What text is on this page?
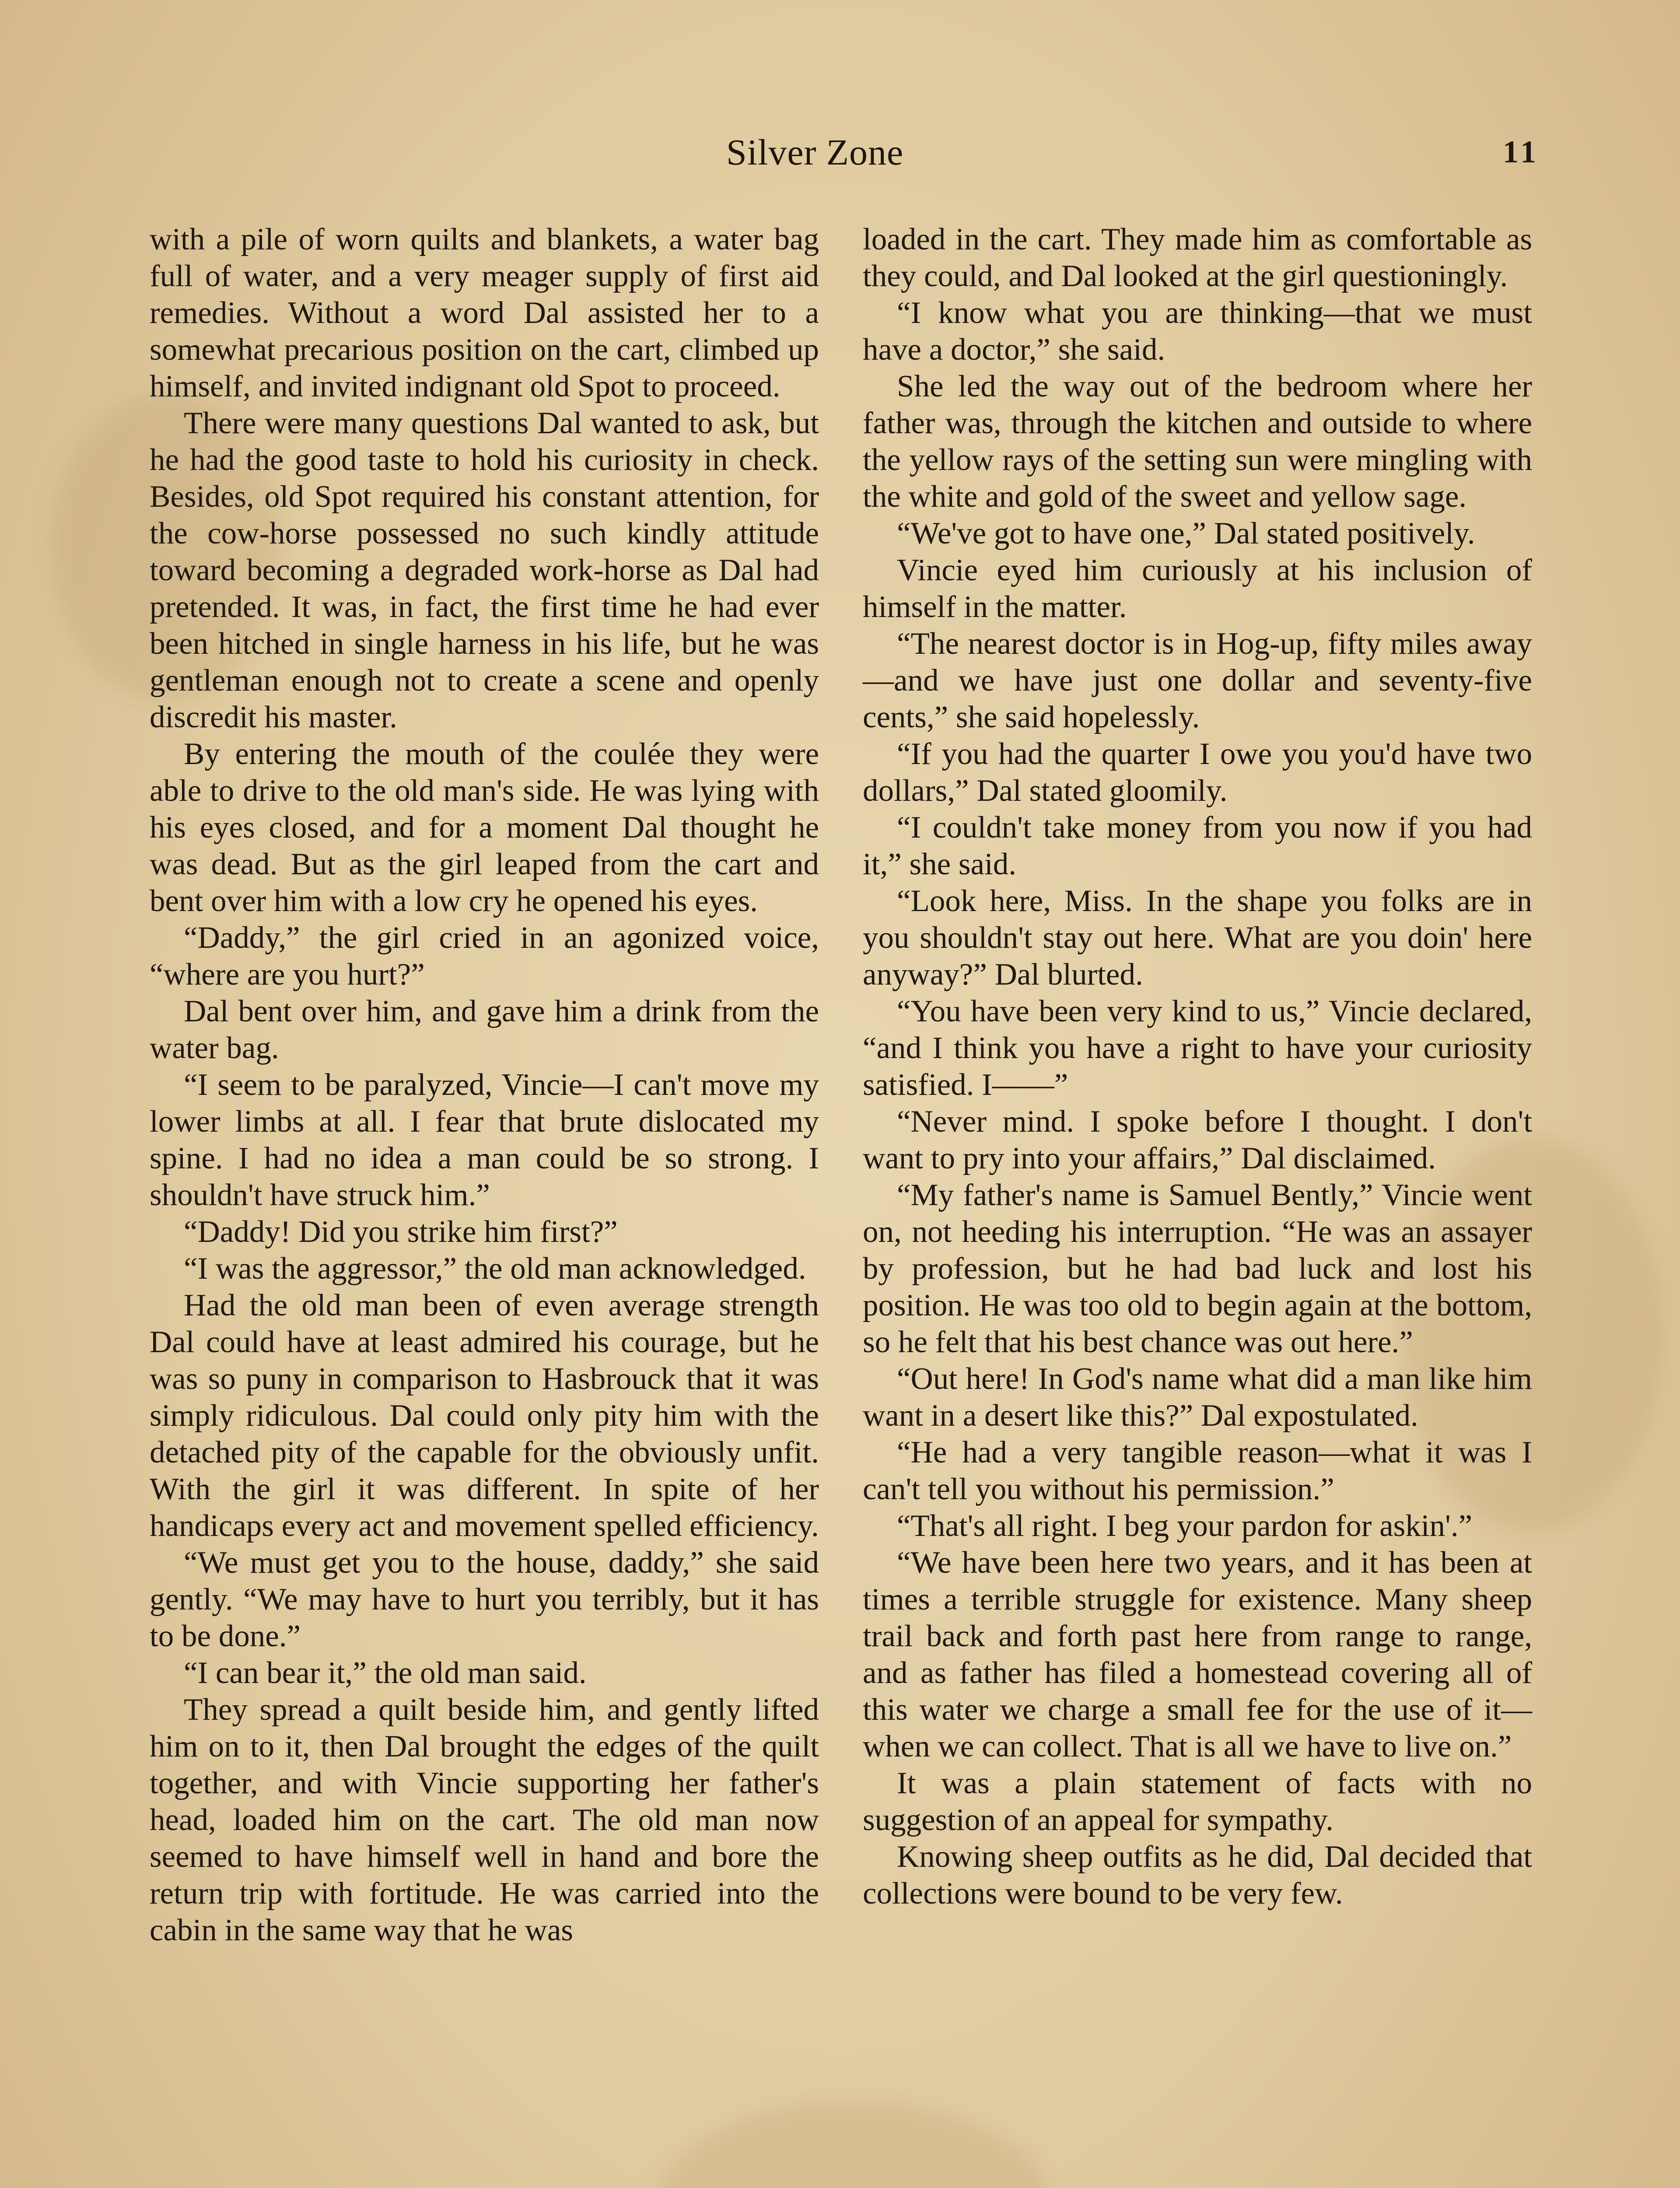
Silver Zone	11

with a pile of worn quilts and blankets, a water bag full of water, and a very meager supply of first aid remedies. Without a word Dal assisted her to a somewhat precarious position on the cart, climbed up himself, and invited indignant old Spot to proceed.

There were many questions Dal wanted to ask, but he had the good taste to hold his curiosity in check. Besides, old Spot required his constant attention, for the cow-horse possessed no such kindly attitude toward becoming a degraded work-horse as Dal had pretended. It was, in fact, the first time he had ever been hitched in single harness in his life, but he was gentleman enough not to create a scene and openly discredit his master.

By entering the mouth of the coulée they were able to drive to the old man's side. He was lying with his eyes closed, and for a moment Dal thought he was dead. But as the girl leaped from the cart and bent over him with a low cry he opened his eyes.

“Daddy,” the girl cried in an agonized voice, “where are you hurt?”

Dal bent over him, and gave him a drink from the water bag.

“I seem to be paralyzed, Vincie—I can't move my lower limbs at all. I fear that brute dislocated my spine. I had no idea a man could be so strong. I shouldn't have struck him.”

“Daddy! Did you strike him first?”

“I was the aggressor,” the old man acknowledged.

Had the old man been of even average strength Dal could have at least admired his courage, but he was so puny in comparison to Hasbrouck that it was simply ridiculous. Dal could only pity him with the detached pity of the capable for the obviously unfit. With the girl it was different. In spite of her handicaps every act and movement spelled efficiency.

“We must get you to the house, daddy,” she said gently. “We may have to hurt you terribly, but it has to be done.”

“I can bear it,” the old man said.

They spread a quilt beside him, and gently lifted him on to it, then Dal brought the edges of the quilt together, and with Vincie supporting her father's head, loaded him on the cart. The old man now seemed to have himself well in hand and bore the return trip with fortitude. He was carried into the cabin in the same way that he was

loaded in the cart. They made him as comfortable as they could, and Dal looked at the girl questioningly.

“I know what you are thinking—that we must have a doctor,” she said.

She led the way out of the bedroom where her father was, through the kitchen and outside to where the yellow rays of the setting sun were mingling with the white and gold of the sweet and yellow sage.

“We've got to have one,” Dal stated positively.

Vincie eyed him curiously at his inclusion of himself in the matter.

“The nearest doctor is in Hog-up, fifty miles away—and we have just one dollar and seventy-five cents,” she said hopelessly.

“If you had the quarter I owe you you'd have two dollars,” Dal stated gloomily.

“I couldn't take money from you now if you had it,” she said.

“Look here, Miss. In the shape you folks are in you shouldn't stay out here. What are you doin' here anyway?” Dal blurted.

“You have been very kind to us,” Vincie declared, “and I think you have a right to have your curiosity satisfied. I——”

“Never mind. I spoke before I thought. I don't want to pry into your affairs,” Dal disclaimed.

“My father's name is Samuel Bently,” Vincie went on, not heeding his interruption. “He was an assayer by profession, but he had bad luck and lost his position. He was too old to begin again at the bottom, so he felt that his best chance was out here.”

“Out here! In God's name what did a man like him want in a desert like this?” Dal expostulated.

“He had a very tangible reason—what it was I can't tell you without his permission.”

“That's all right. I beg your pardon for askin'.”

“We have been here two years, and it has been at times a terrible struggle for existence. Many sheep trail back and forth past here from range to range, and as father has filed a homestead covering all of this water we charge a small fee for the use of it—when we can collect. That is all we have to live on.”

It was a plain statement of facts with no suggestion of an appeal for sympathy.

Knowing sheep outfits as he did, Dal decided that collections were bound to be very few.
